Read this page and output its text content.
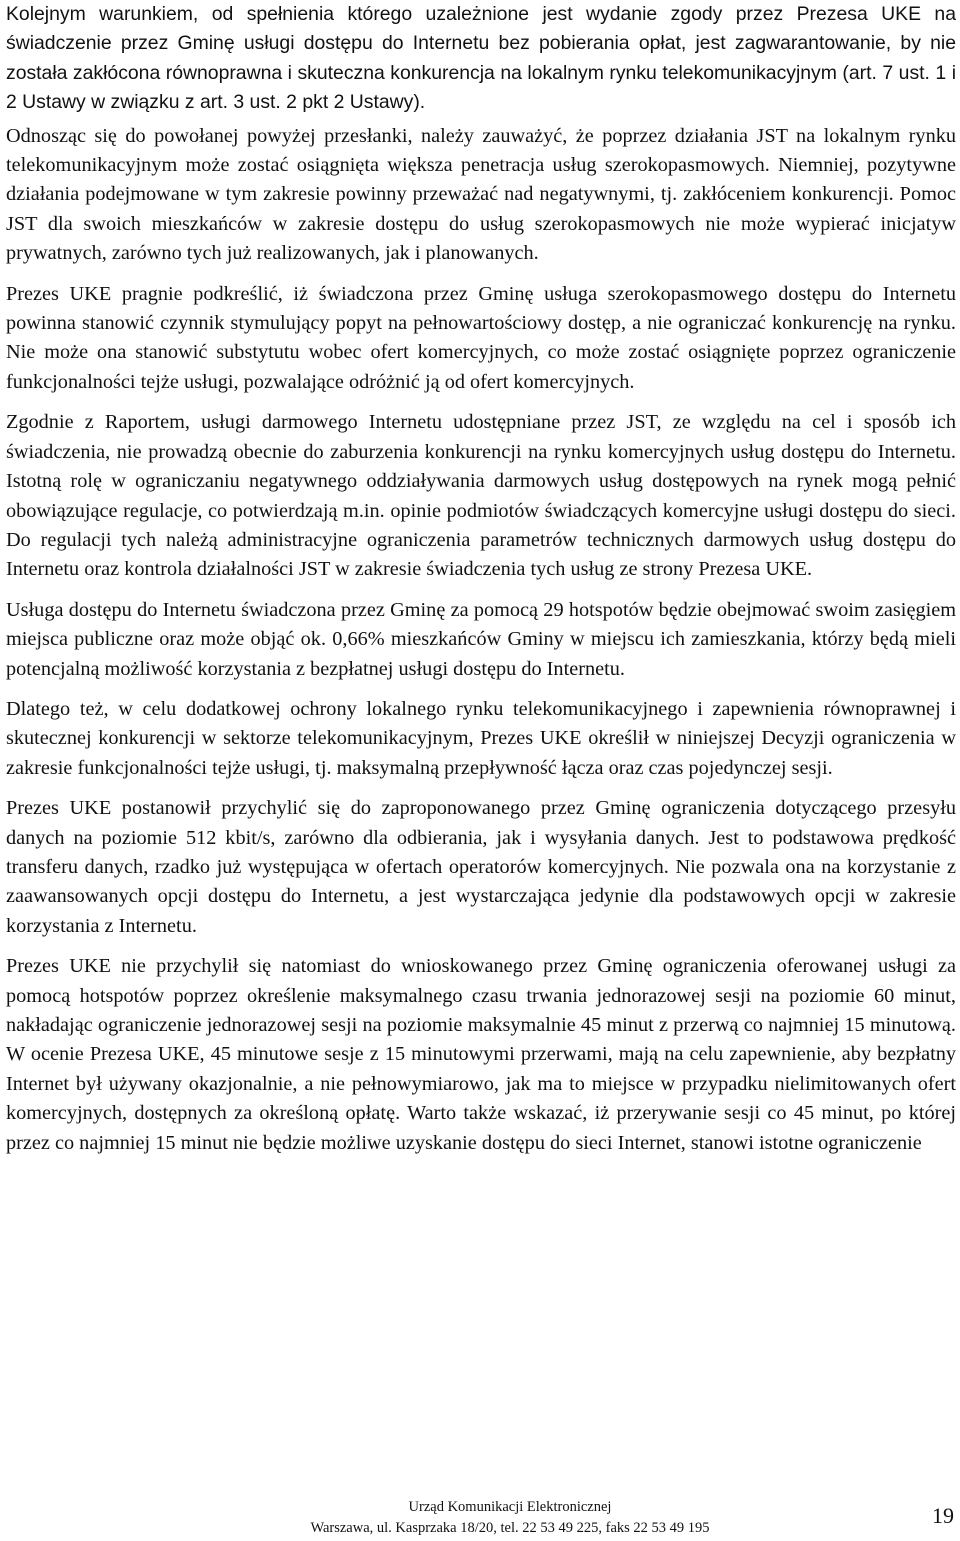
Kolejnym warunkiem, od spełnienia którego uzależnione jest wydanie zgody przez Prezesa UKE na świadczenie przez Gminę usługi dostępu do Internetu bez pobierania opłat, jest zagwarantowanie, by nie została zakłócona równoprawna i skuteczna konkurencja na lokalnym rynku telekomunikacyjnym (art. 7 ust. 1 i 2 Ustawy w związku z art. 3 ust. 2 pkt 2 Ustawy).

Odnosząc się do powołanej powyżej przesłanki, należy zauważyć, że poprzez działania JST na lokalnym rynku telekomunikacyjnym może zostać osiągnięta większa penetracja usług szerokopasmowych. Niemniej, pozytywne działania podejmowane w tym zakresie powinny przeważać nad negatywnymi, tj. zakłóceniem konkurencji. Pomoc JST dla swoich mieszkańców w zakresie dostępu do usług szerokopasmowych nie może wypierać inicjatyw prywatnych, zarówno tych już realizowanych, jak i planowanych.

Prezes UKE pragnie podkreślić, iż świadczona przez Gminę usługa szerokopasmowego dostępu do Internetu powinna stanowić czynnik stymulujący popyt na pełnowartościowy dostęp, a nie ograniczać konkurencję na rynku. Nie może ona stanowić substytutu wobec ofert komercyjnych, co może zostać osiągnięte poprzez ograniczenie funkcjonalności tejże usługi, pozwalające odróżnić ją od ofert komercyjnych.

Zgodnie z Raportem, usługi darmowego Internetu udostępniane przez JST, ze względu na cel i sposób ich świadczenia, nie prowadzą obecnie do zaburzenia konkurencji na rynku komercyjnych usług dostępu do Internetu. Istotną rolę w ograniczaniu negatywnego oddziaływania darmowych usług dostępowych na rynek mogą pełnić obowiązujące regulacje, co potwierdzają m.in. opinie podmiotów świadczących komercyjne usługi dostępu do sieci. Do regulacji tych należą administracyjne ograniczenia parametrów technicznych darmowych usług dostępu do Internetu oraz kontrola działalności JST w zakresie świadczenia tych usług ze strony Prezesa UKE.

Usługa dostępu do Internetu świadczona przez Gminę za pomocą 29 hotspotów będzie obejmować swoim zasięgiem miejsca publiczne oraz może objąć ok. 0,66% mieszkańców Gminy w miejscu ich zamieszkania, którzy będą mieli potencjalną możliwość korzystania z bezpłatnej usługi dostępu do Internetu.

Dlatego też, w celu dodatkowej ochrony lokalnego rynku telekomunikacyjnego i zapewnienia równoprawnej i skutecznej konkurencji w sektorze telekomunikacyjnym, Prezes UKE określił w niniejszej Decyzji ograniczenia w zakresie funkcjonalności tejże usługi, tj. maksymalną przepływność łącza oraz czas pojedynczej sesji.

Prezes UKE postanowił przychylić się do zaproponowanego przez Gminę ograniczenia dotyczącego przesyłu danych na poziomie 512 kbit/s, zarówno dla odbierania, jak i wysyłania danych. Jest to podstawowa prędkość transferu danych, rzadko już występująca w ofertach operatorów komercyjnych. Nie pozwala ona na korzystanie z zaawansowanych opcji dostępu do Internetu, a jest wystarczająca jedynie dla podstawowych opcji w zakresie korzystania z Internetu.

Prezes UKE nie przychylił się natomiast do wnioskowanego przez Gminę ograniczenia oferowanej usługi za pomocą hotspotów poprzez określenie maksymalnego czasu trwania jednorazowej sesji na poziomie 60 minut, nakładając ograniczenie jednorazowej sesji na poziomie maksymalnie 45 minut z przerwą co najmniej 15 minutową. W ocenie Prezesa UKE, 45 minutowe sesje z 15 minutowymi przerwami, mają na celu zapewnienie, aby bezpłatny Internet był używany okazjonalnie, a nie pełnowymiarowo, jak ma to miejsce w przypadku nielimitowanych ofert komercyjnych, dostępnych za określoną opłatę. Warto także wskazać, iż przerywanie sesji co 45 minut, po której przez co najmniej 15 minut nie będzie możliwe uzyskanie dostępu do sieci Internet, stanowi istotne ograniczenie

Urząd Komunikacji Elektronicznej
Warszawa, ul. Kasprzaka 18/20, tel. 22 53 49 225, faks 22 53 49 195	19
